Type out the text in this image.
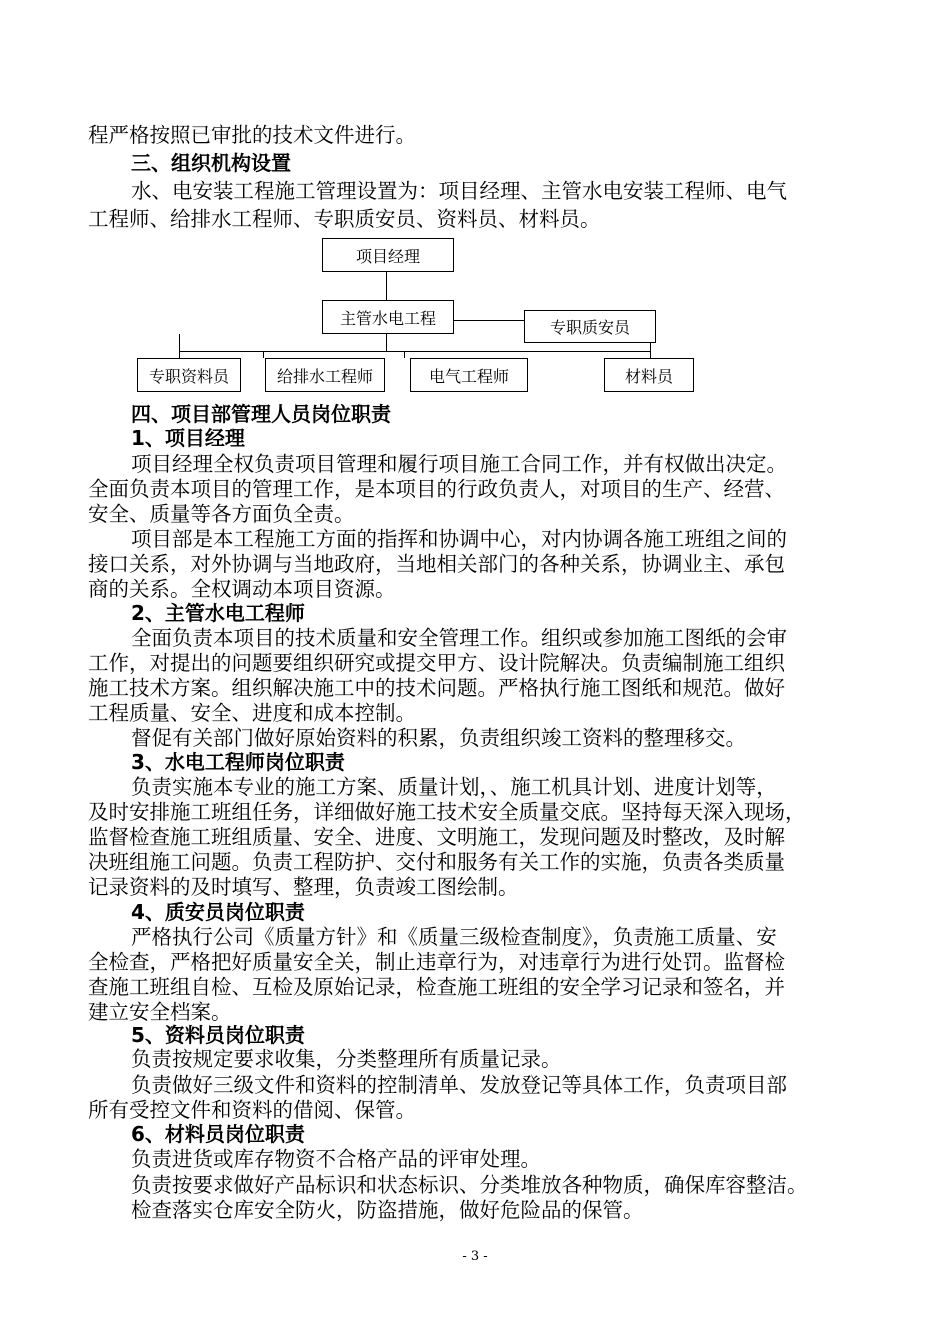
程严格按照已审批的技术文件进行。
三、组织机构设置
水、电安装工程施工管理设置为：项目经理、主管水电安装工程师、电气
工程师、给排水工程师、专职质安员、资料员、材料员。
项目经理
主管水电工程	专职质安员
专职资料员	给排水工程师	电气工程师	材料员
四、项目部管理人员岗位职责
1、项目经理
项目经理全权负责项目管理和履行项目施工合同工作，并有权做出决定。
全面负责本项目的管理工作，是本项目的行政负责人，对项目的生产、经营、
安全、质量等各方面负全责。
项目部是本工程施工方面的指挥和协调中心，对内协调各施工班组之间的
接口关系，对外协调与当地政府，当地相关部门的各种关系，协调业主、承包
商的关系。全权调动本项目资源。
2、主管水电工程师
全面负责本项目的技术质量和安全管理工作。组织或参加施工图纸的会审
工作，对提出的问题要组织研究或提交甲方、设计院解决。负责编制施工组织
施工技术方案。组织解决施工中的技术问题。严格执行施工图纸和规范。做好
工程质量、安全、进度和成本控制。
督促有关部门做好原始资料的积累，负责组织竣工资料的整理移交。
3、水电工程师岗位职责
负责实施本专业的施工方案、质量计划，、施工机具计划、进度计划等，
及时安排施工班组任务，详细做好施工技术安全质量交底。坚持每天深入现场，
监督检查施工班组质量、安全、进度、文明施工，发现问题及时整改，及时解
决班组施工问题。负责工程防护、交付和服务有关工作的实施，负责各类质量
记录资料的及时填写、整理，负责竣工图绘制。
4、质安员岗位职责
严格执行公司《质量方针》和《质量三级检查制度》，负责施工质量、安
全检查，严格把好质量安全关，制止违章行为，对违章行为进行处罚。监督检
查施工班组自检、互检及原始记录，检查施工班组的安全学习记录和签名，并
建立安全档案。
5、资料员岗位职责
负责按规定要求收集，分类整理所有质量记录。
负责做好三级文件和资料的控制清单、发放登记等具体工作，负责项目部
所有受控文件和资料的借阅、保管。
6、材料员岗位职责
负责进货或库存物资不合格产品的评审处理。
负责按要求做好产品标识和状态标识、分类堆放各种物质，确保库容整洁。
检查落实仓库安全防火，防盗措施，做好危险品的保管。
- 3 -
